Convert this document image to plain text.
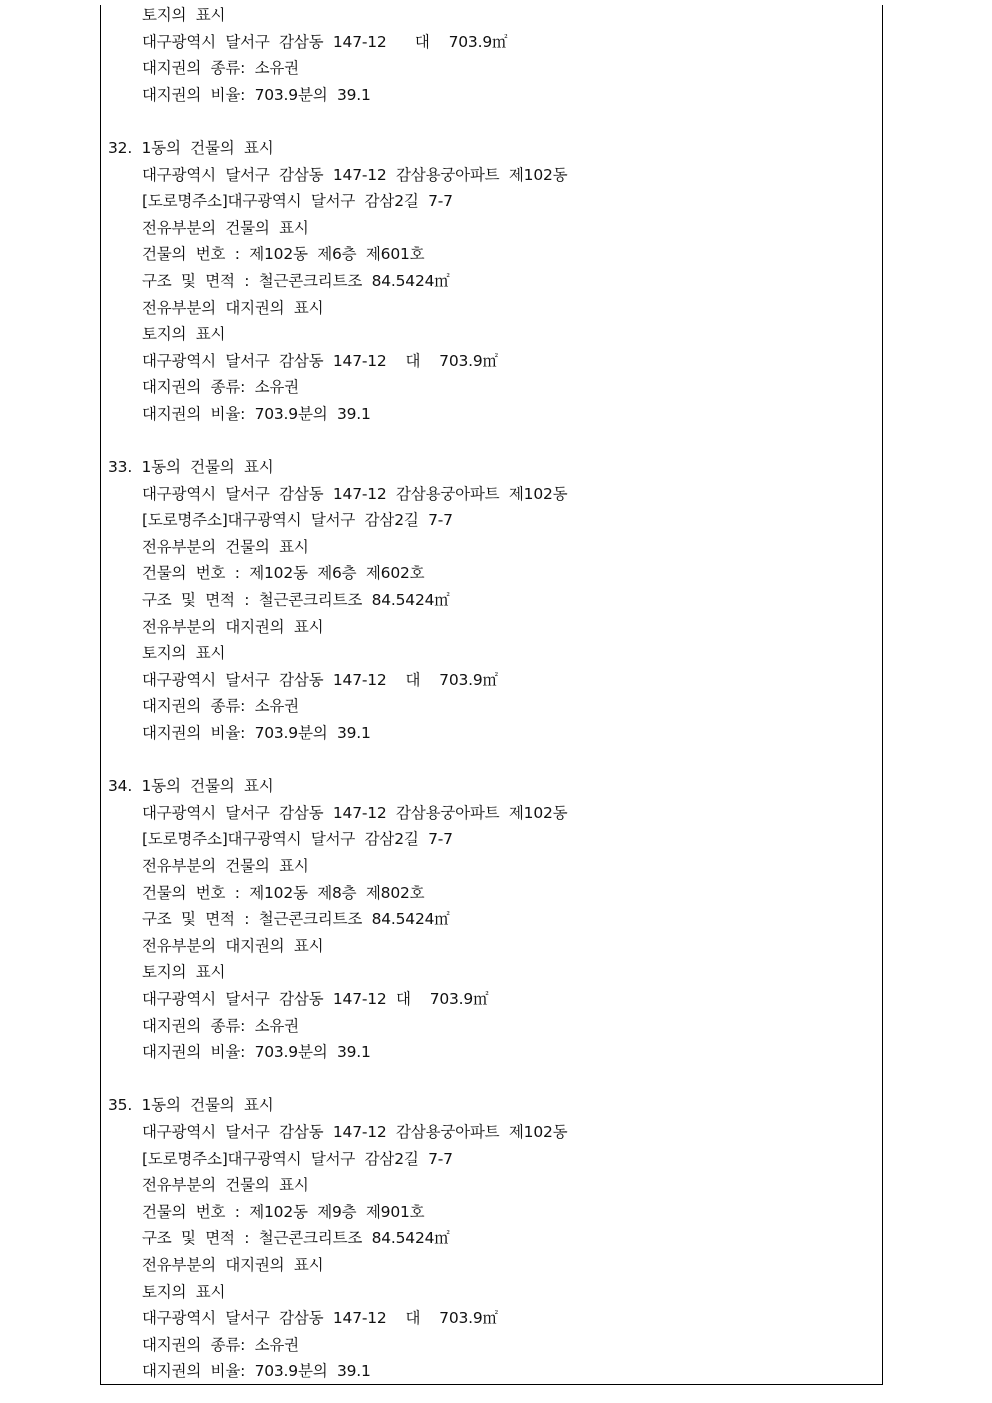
토지의  표시
대구광역시  달서구  감삼동  147-12      대    703.9㎡
대지권의  종류:  소유권
대지권의  비율:  703.9분의  39.1
32.  1동의  건물의  표시
대구광역시  달서구  감삼동  147-12  감삼용궁아파트  제102동
[도로명주소]대구광역시  달서구  감삼2길  7-7
전유부분의  건물의  표시
건물의  번호  :  제102동  제6층  제601호
구조  및  면적  :  철근콘크리트조  84.5424㎡
전유부분의  대지권의  표시
토지의  표시
대구광역시  달서구  감삼동  147-12    대    703.9㎡
대지권의  종류:  소유권
대지권의  비율:  703.9분의  39.1
33.  1동의  건물의  표시
대구광역시  달서구  감삼동  147-12  감삼용궁아파트  제102동
[도로명주소]대구광역시  달서구  감삼2길  7-7
전유부분의  건물의  표시
건물의  번호  :  제102동  제6층  제602호
구조  및  면적  :  철근콘크리트조  84.5424㎡
전유부분의  대지권의  표시
토지의  표시
대구광역시  달서구  감삼동  147-12    대    703.9㎡
대지권의  종류:  소유권
대지권의  비율:  703.9분의  39.1
34.  1동의  건물의  표시
대구광역시  달서구  감삼동  147-12  감삼용궁아파트  제102동
[도로명주소]대구광역시  달서구  감삼2길  7-7
전유부분의  건물의  표시
건물의  번호  :  제102동  제8층  제802호
구조  및  면적  :  철근콘크리트조  84.5424㎡
전유부분의  대지권의  표시
토지의  표시
대구광역시  달서구  감삼동  147-12  대    703.9㎡
대지권의  종류:  소유권
대지권의  비율:  703.9분의  39.1
35.  1동의  건물의  표시
대구광역시  달서구  감삼동  147-12  감삼용궁아파트  제102동
[도로명주소]대구광역시  달서구  감삼2길  7-7
전유부분의  건물의  표시
건물의  번호  :  제102동  제9층  제901호
구조  및  면적  :  철근콘크리트조  84.5424㎡
전유부분의  대지권의  표시
토지의  표시
대구광역시  달서구  감삼동  147-12    대    703.9㎡
대지권의  종류:  소유권
대지권의  비율:  703.9분의  39.1
